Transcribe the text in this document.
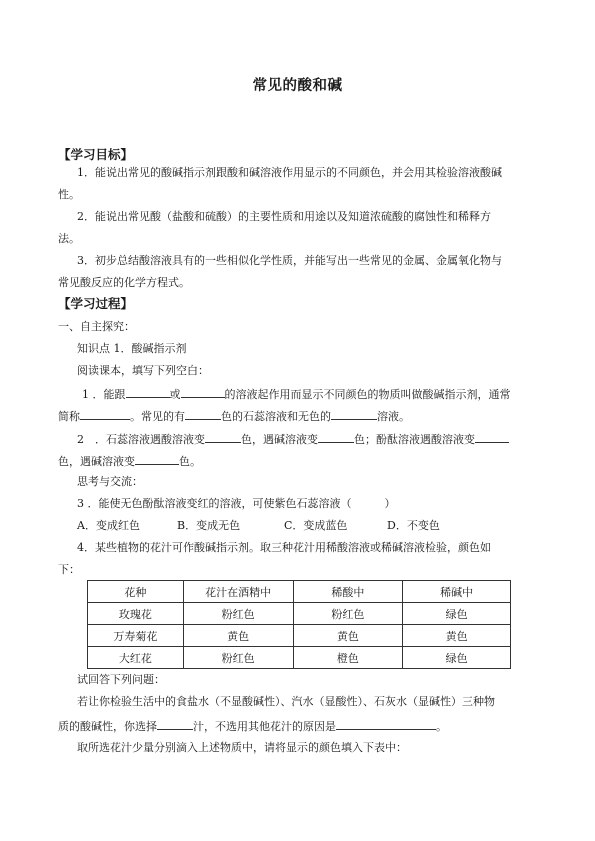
常见的酸和碱
【学习目标】
1．能说出常见的酸碱指示剂跟酸和碱溶液作用显示的不同颜色，并会用其检验溶液酸碱
性。
2．能说出常见酸（盐酸和硫酸）的主要性质和用途以及知道浓硫酸的腐蚀性和稀释方
法。
3．初步总结酸溶液具有的一些相似化学性质，并能写出一些常见的金属、金属氧化物与
常见酸反应的化学方程式。
【学习过程】
一、自主探究：
知识点 1．酸碱指示剂
阅读课本，填写下列空白：
1 ．能跟	或	的溶液起作用而显示不同颜色的物质叫做酸碱指示剂，通常
简称	。常见的有	色的石蕊溶液和无色的	溶液。
2　．石蕊溶液遇酸溶液变	色，遇碱溶液变	色；酚酞溶液遇酸溶液变
色，遇碱溶液变	色。
思考与交流：
3 ．能使无色酚酞溶液变红的溶液，可使紫色石蕊溶液（　　　）
A．变成红色	B．变成无色	C．变成蓝色	D．不变色
4．某些植物的花汁可作酸碱指示剂。取三种花汁用稀酸溶液或稀碱溶液检验，颜色如
下：
花种	花汁在酒精中	稀酸中	稀碱中
玫瑰花	粉红色	粉红色	绿色
万寿菊花	黄色	黄色	黄色
大红花	粉红色	橙色	绿色
试回答下列问题：
若让你检验生活中的食盐水（不显酸碱性）、汽水（显酸性）、石灰水（显碱性）三种物
质的酸碱性，你选择	汁，不选用其他花汁的原因是	。
取所选花汁少量分别滴入上述物质中，请将显示的颜色填入下表中：
